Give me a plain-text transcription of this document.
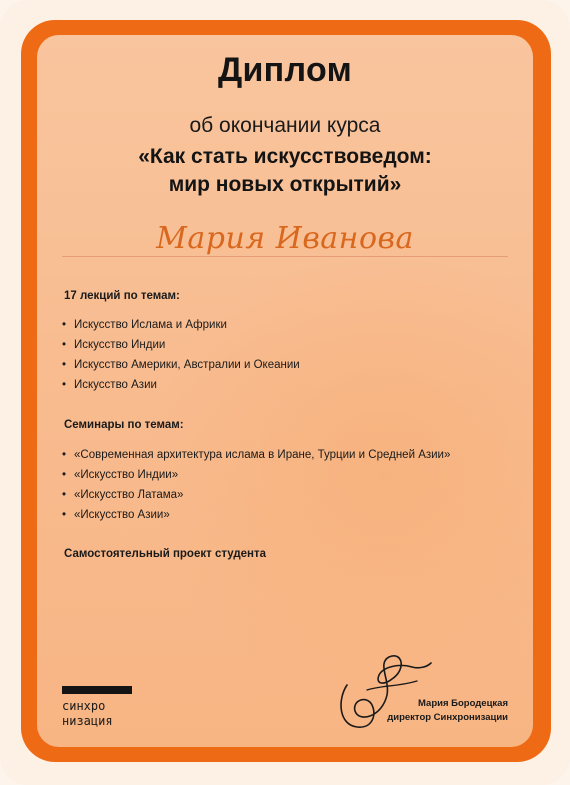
Диплом
об окончании курса
«Как стать искусствоведом:
мир новых открытий»
Мария Иванова
17 лекций по темам:
• Искусство Ислама и Африки
• Искусство Индии
• Искусство Америки, Австралии и Океании
• Искусство Азии
Семинары по темам:
• «Современная архитектура ислама в Иране, Турции и Средней Азии»
• «Искусство Индии»
• «Искусство Латама»
• «Искусство Азии»
Самостоятельный проект студента
синхро
низация
Мария Бородецкая
директор Синхронизации
